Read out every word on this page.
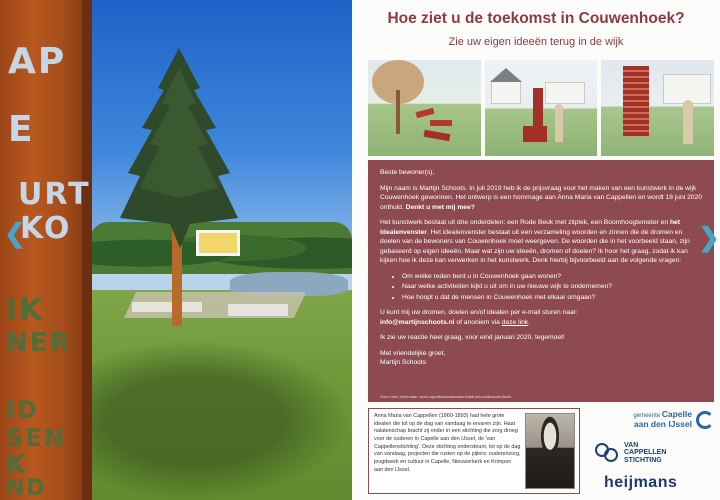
AP
E
URT
KO
IK
NER
ID
SEN
K
ND
❮
Hoe ziet u de toekomst in Couwenhoek?
Zie uw eigen ideeën terug in de wijk

Beste bewoner(s),

Mijn naam is Martijn Schoots. In juli 2019 heb ik de prijsvraag voor het maken van een kunstwerk in de wijk Couwenhoek gewonnen. Het ontwerp is een hommage aan Anna Maria van Cappellen en wordt 18 juni 2020 onthuld. Denkt u met mij mee?

Het kunstwerk bestaat uit drie onderdelen: een Rode Beuk met zitplek, een Boomhoogtemeter en het Idealenvenster. Het idealenvenster bestaat uit een verzameling woorden en zinnen die de dromen en doelen van de bewoners van Couwenhoek moet weergeven. De woorden die in het voorbeeld staan, zijn gebaseerd op eigen ideeën. Maar wat zijn uw ideeën, dromen of doelen? Ik hoor het graag, zodat ik kan kijken hoe ik deze kan verwerken in het kunstwerk. Denk hierbij bijvoorbeeld aan de volgende vragen:

• Om welke reden bent u in Couwenhoek gaan wonen?
• Naar welke activiteiten kijkt u uit om in uw nieuwe wijk te ondernemen?
• Hoe hoopt u dat de mensen in Couwenhoek met elkaar omgaan?

U kunt mij uw dromen, doelen en/of idealen per e-mail sturen naar:
info@martijnschoots.nl of anoniem via deze link.

Ik zie uw reactie heel graag, voor eind januari 2020, tegemoet!

Met vriendelijke groet,
Martijn Schoots

Voor meer informatie: www.capellebouwtaandeneidal.nl/kunstcouwenhoek
Anna Maria van Cappellen (1860-1893) had hele grote idealen die tot op de dag van vandaag te ervaren zijn. Haar nalatenschap bracht zij onder in een stichting die zorg droeg voor de ouderen in Capelle aan den IJssel, de 'van Cappellenstichting'. Deze stichting ondersteunt, tot op de dag van vandaag, projecten die rusten op de pijlers: ouderenzorg, jeugdwerk en cultuur in Capelle, Nieuwerkerk en Krimpen aan den IJssel.
gemeente Capelle
aan den IJssel
VAN
CAPPELLEN
STICHTING
heijmans
❯
